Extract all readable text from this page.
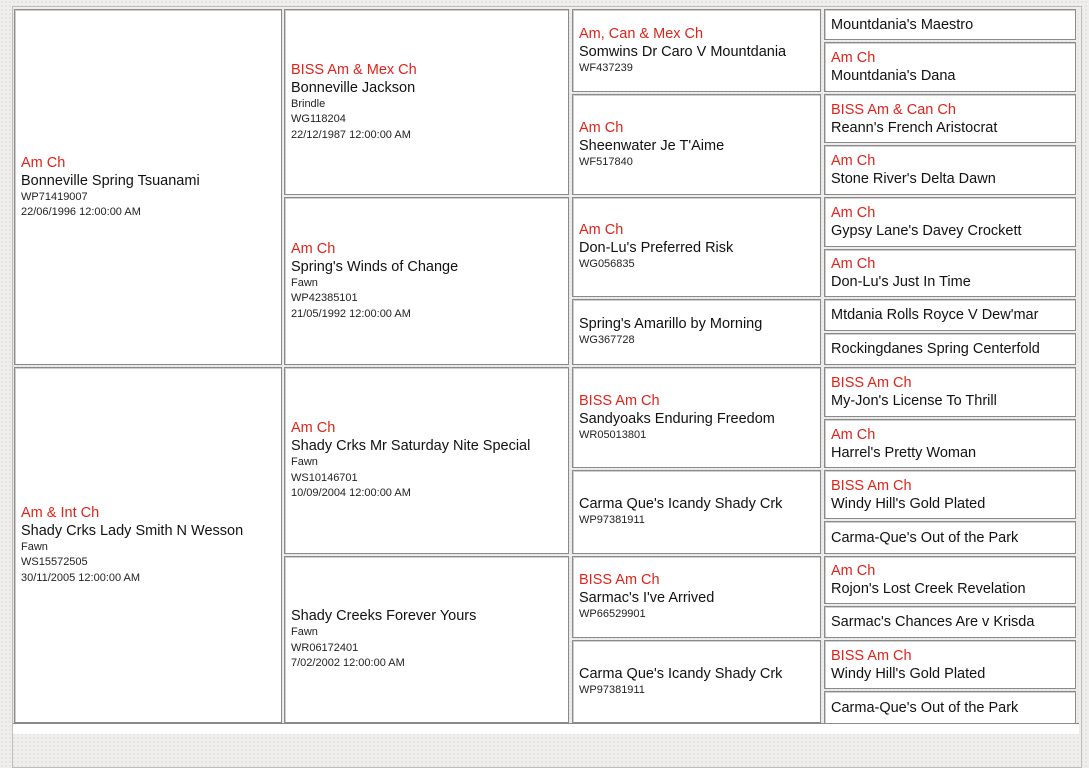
Am Ch
Bonneville Spring Tsuanami
WP71419007
22/06/1996 12:00:00 AM
Am & Int Ch
Shady Crks Lady Smith N Wesson
Fawn
WS15572505
30/11/2005 12:00:00 AM
BISS Am & Mex Ch
Bonneville Jackson
Brindle
WG118204
22/12/1987 12:00:00 AM
Am Ch
Spring's Winds of Change
Fawn
WP42385101
21/05/1992 12:00:00 AM
Am Ch
Shady Crks Mr Saturday Nite Special
Fawn
WS10146701
10/09/2004 12:00:00 AM
Shady Creeks Forever Yours
Fawn
WR06172401
7/02/2002 12:00:00 AM
Am, Can & Mex Ch
Somwins Dr Caro V Mountdania
WF437239
Am Ch
Sheenwater Je T'Aime
WF517840
Am Ch
Don-Lu's Preferred Risk
WG056835
Spring's Amarillo by Morning
WG367728
BISS Am Ch
Sandyoaks Enduring Freedom
WR05013801
Carma Que's Icandy Shady Crk
WP97381911
BISS Am Ch
Sarmac's I've Arrived
WP66529901
Carma Que's Icandy Shady Crk
WP97381911
Mountdania's Maestro
Am Ch
Mountdania's Dana
BISS Am & Can Ch
Reann's French Aristocrat
Am Ch
Stone River's Delta Dawn
Am Ch
Gypsy Lane's Davey Crockett
Am Ch
Don-Lu's Just In Time
Mtdania Rolls Royce V Dew'mar
Rockingdanes Spring Centerfold
BISS Am Ch
My-Jon's License To Thrill
Am Ch
Harrel's Pretty Woman
BISS Am Ch
Windy Hill's Gold Plated
Carma-Que's Out of the Park
Am Ch
Rojon's Lost Creek Revelation
Sarmac's Chances Are v Krisda
BISS Am Ch
Windy Hill's Gold Plated
Carma-Que's Out of the Park
